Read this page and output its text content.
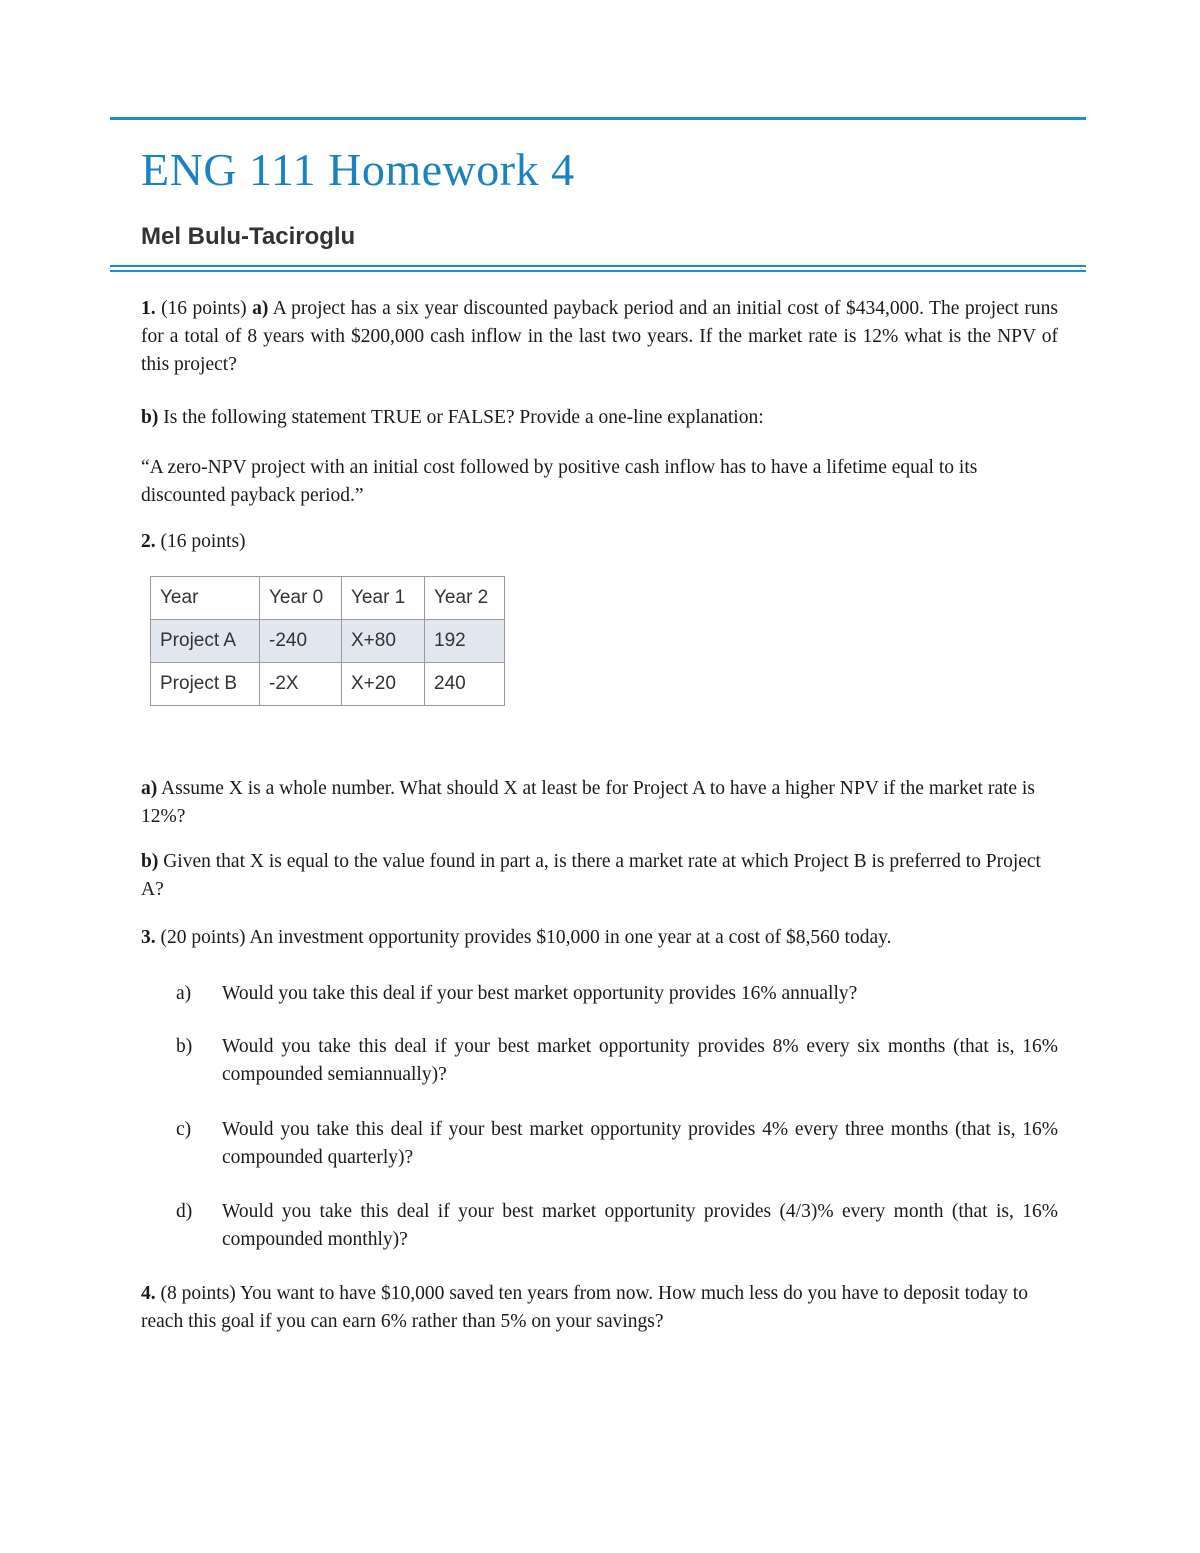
ENG 111 Homework 4
Mel Bulu-Taciroglu

1. (16 points) a) A project has a six year discounted payback period and an initial cost of $434,000. The project runs for a total of 8 years with $200,000 cash inflow in the last two years. If the market rate is 12% what is the NPV of this project?

b) Is the following statement TRUE or FALSE? Provide a one-line explanation:

“A zero-NPV project with an initial cost followed by positive cash inflow has to have a lifetime equal to its discounted payback period.”

2. (16 points)

Year	Year 0	Year 1	Year 2
Project A	-240	X+80	192
Project B	-2X	X+20	240

a) Assume X is a whole number. What should X at least be for Project A to have a higher NPV if the market rate is 12%?

b) Given that X is equal to the value found in part a, is there a market rate at which Project B is preferred to Project A?

3. (20 points) An investment opportunity provides $10,000 in one year at a cost of $8,560 today.

a)	Would you take this deal if your best market opportunity provides 16% annually?
b)	Would you take this deal if your best market opportunity provides 8% every six months (that is, 16% compounded semiannually)?
c)	Would you take this deal if your best market opportunity provides 4% every three months (that is, 16% compounded quarterly)?
d)	Would you take this deal if your best market opportunity provides (4/3)% every month (that is, 16% compounded monthly)?

4. (8 points) You want to have $10,000 saved ten years from now. How much less do you have to deposit today to reach this goal if you can earn 6% rather than 5% on your savings?
